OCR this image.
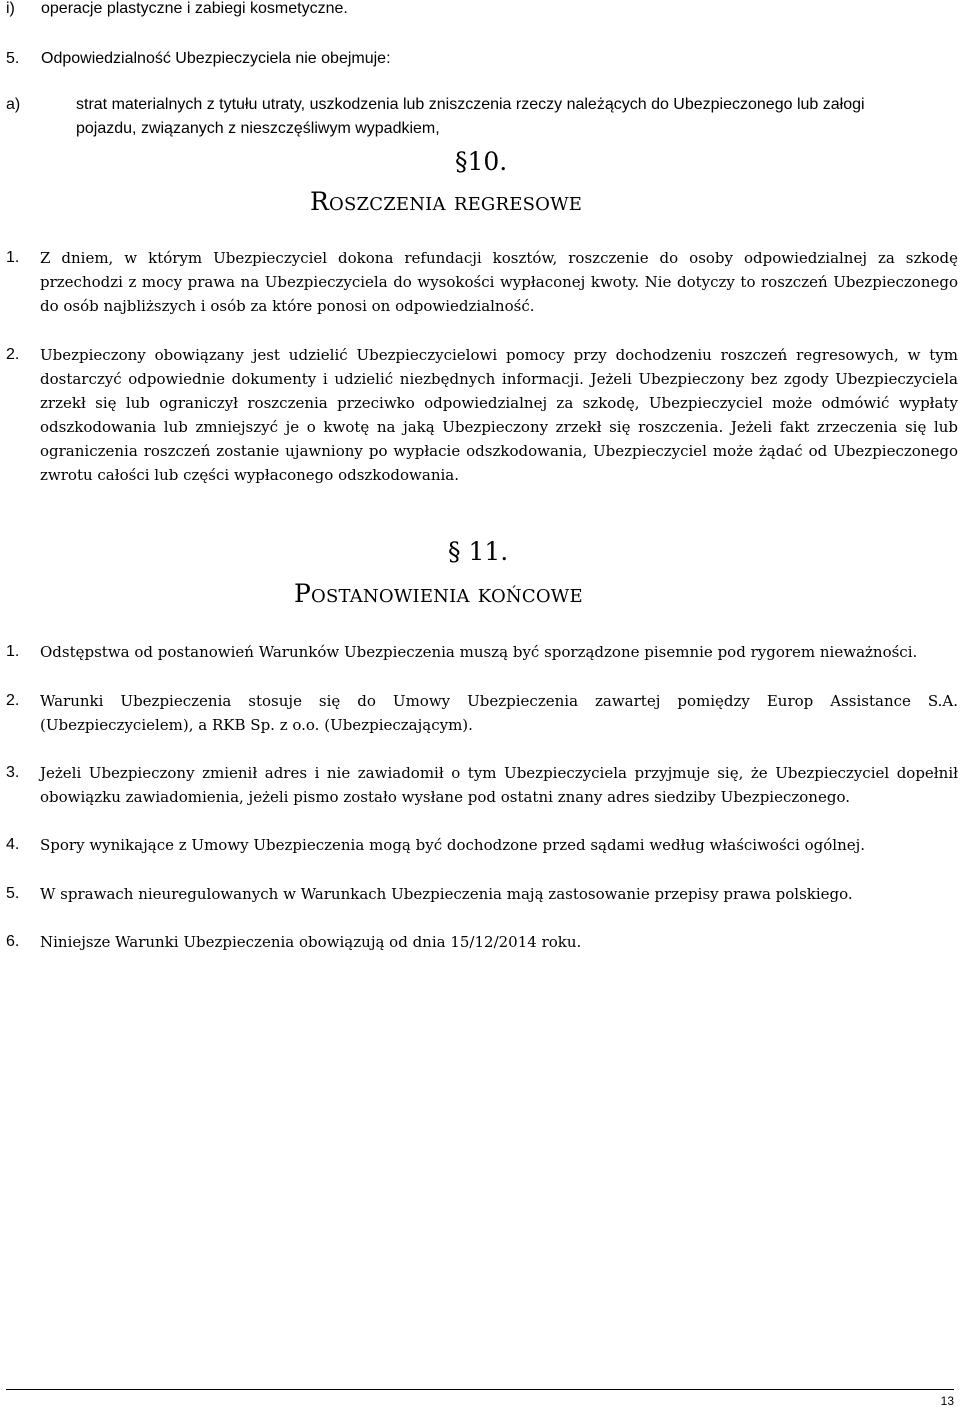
i) operacje plastyczne i zabiegi kosmetyczne.
5. Odpowiedzialność Ubezpieczyciela nie obejmuje:
a)	strat materialnych z tytułu utraty, uszkodzenia lub zniszczenia rzeczy należących do Ubezpieczonego lub załogi
pojazdu, związanych z nieszczęśliwym wypadkiem,
§10.
Roszczenia regresowe
1. Z dniem, w którym Ubezpieczyciel dokona refundacji kosztów, roszczenie do osoby odpowiedzialnej za szkodę przechodzi z mocy prawa na Ubezpieczyciela do wysokości wypłaconej kwoty. Nie dotyczy to roszczeń Ubezpieczonego do osób najbliższych i osób za które ponosi on odpowiedzialność.
2. Ubezpieczony obowiązany jest udzielić Ubezpieczycielowi pomocy przy dochodzeniu roszczeń regresowych, w tym dostarczyć odpowiednie dokumenty i udzielić niezbędnych informacji. Jeżeli Ubezpieczony bez zgody Ubezpieczyciela zrzekł się lub ograniczył roszczenia przeciwko odpowiedzialnej za szkodę, Ubezpieczyciel może odmówić wypłaty odszkodowania lub zmniejszyć je o kwotę na jaką Ubezpieczony zrzekł się roszczenia. Jeżeli fakt zrzeczenia się lub ograniczenia roszczeń zostanie ujawniony po wypłacie odszkodowania, Ubezpieczyciel może żądać od Ubezpieczonego zwrotu całości lub części wypłaconego odszkodowania.
§ 11.
Postanowienia końcowe
1. Odstępstwa od postanowień Warunków Ubezpieczenia muszą być sporządzone pisemnie pod rygorem nieważności.
2. Warunki Ubezpieczenia stosuje się do Umowy Ubezpieczenia zawartej pomiędzy Europ Assistance S.A. (Ubezpieczycielem), a RKB Sp. z o.o. (Ubezpieczającym).
3. Jeżeli Ubezpieczony zmienił adres i nie zawiadomił o tym Ubezpieczyciela przyjmuje się, że Ubezpieczyciel dopełnił obowiązku zawiadomienia, jeżeli pismo zostało wysłane pod ostatni znany adres siedziby Ubezpieczonego.
4. Spory wynikające z Umowy Ubezpieczenia mogą być dochodzone przed sądami według właściwości ogólnej.
5. W sprawach nieuregulowanych w Warunkach Ubezpieczenia mają zastosowanie przepisy prawa polskiego.
6. Niniejsze Warunki Ubezpieczenia obowiązują od dnia 15/12/2014 roku.
13
